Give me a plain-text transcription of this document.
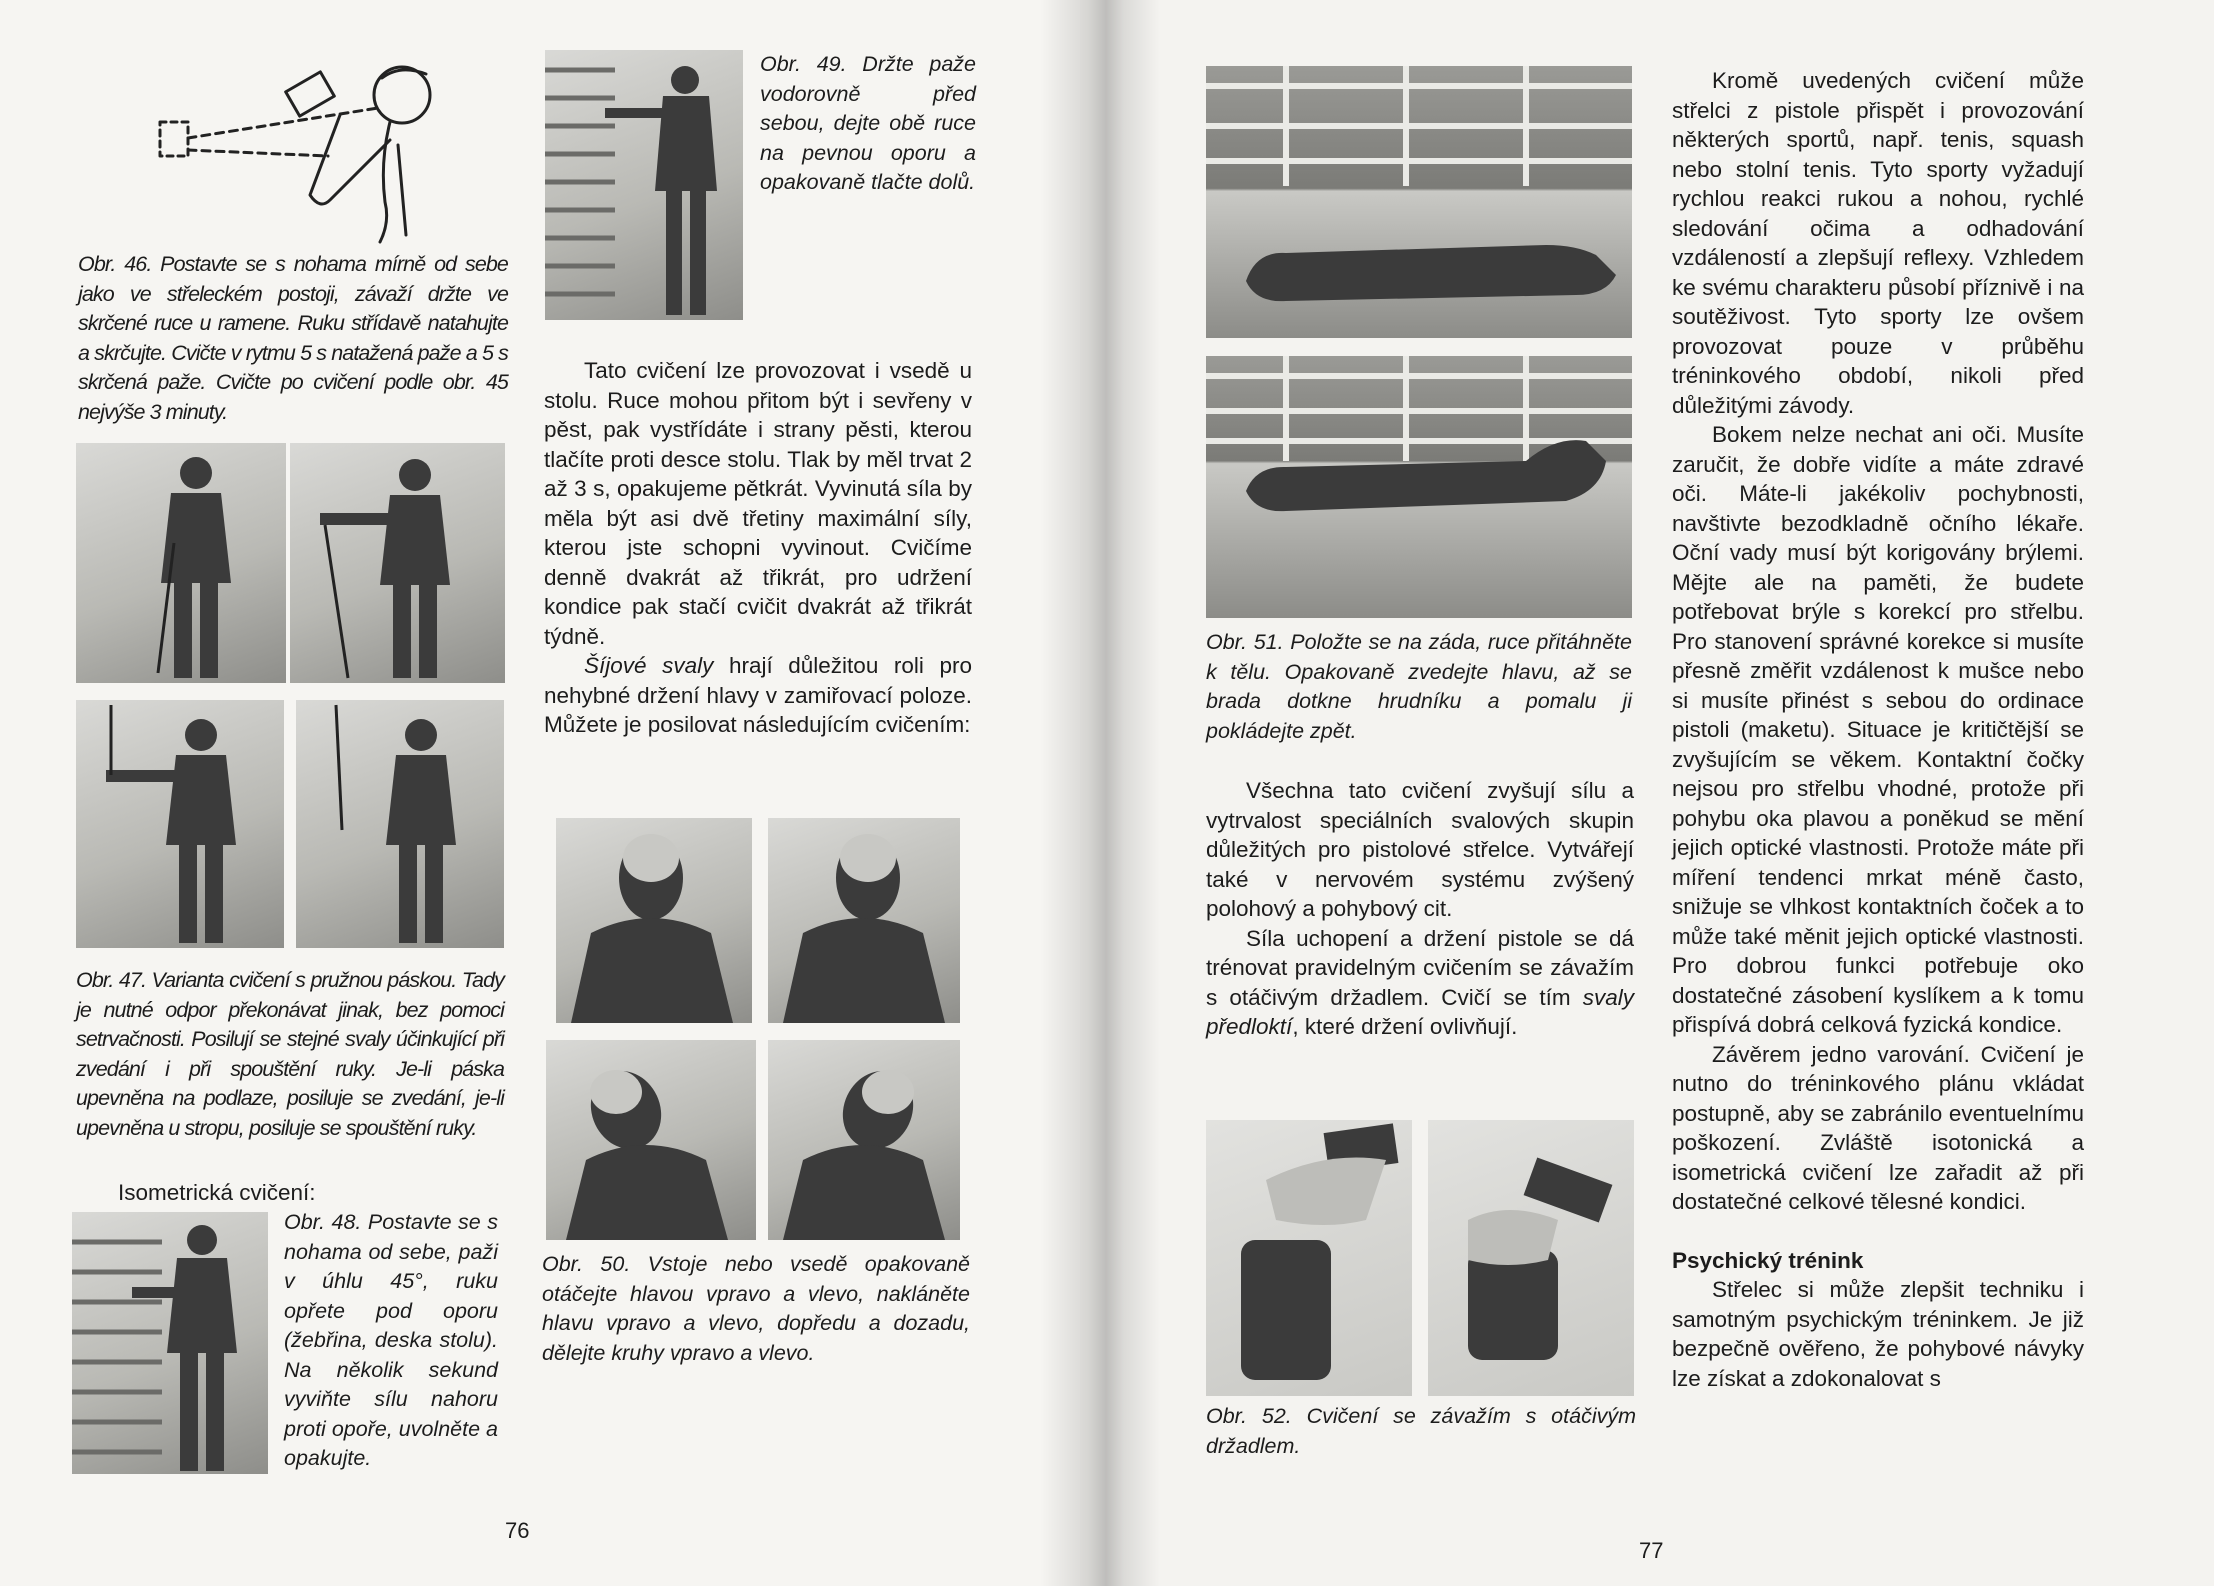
Obr. 46. Postavte se s nohama mírně od sebe jako ve střeleckém postoji, závaží držte ve skrčené ruce u ramene. Ruku střídavě natahujte a skrčujte. Cvičte v rytmu 5 s natažená paže a 5 s skrčená paže. Cvičte po cvičení podle obr. 45 nejvýše 3 minuty.
Obr. 47. Varianta cvičení s pružnou páskou. Tady je nutné odpor překonávat jinak, bez pomoci setrvačnosti. Posilují se stejné svaly účinkující při zvedání i při spouštění ruky. Je-li páska upevněna na podlaze, posiluje se zvedání, je-li upevněna u stropu, posiluje se spouštění ruky.
Isometrická cvičení:
Obr. 48. Postavte se s nohama od sebe, paži v úhlu 45°, ruku opřete pod oporu (žebřina, deska stolu). Na několik sekund vyviňte sílu nahoru proti opoře, uvolněte a opakujte.
Obr. 49. Držte paže vodorovně před sebou, dejte obě ruce na pevnou oporu a opakovaně tlačte dolů.

Tato cvičení lze provozovat i vsedě u stolu. Ruce mohou přitom být i sevřeny v pěst, pak vystřídáte i strany pěsti, kterou tlačíte proti desce stolu. Tlak by měl trvat 2 až 3 s, opakujeme pětkrát. Vyvinutá síla by měla být asi dvě třetiny maximální síly, kterou jste schopni vyvinout. Cvičíme denně dvakrát až třikrát, pro udržení kondice pak stačí cvičit dvakrát až třikrát týdně.

Šíjové svaly hrají důležitou roli pro nehybné držení hlavy v zamiřovací poloze. Můžete je posilovat následujícím cvičením:

Obr. 50. Vstoje nebo vsedě opakovaně otáčejte hlavou vpravo a vlevo, nakláněte hlavu vpravo a vlevo, dopředu a dozadu, dělejte kruhy vpravo a vlevo.
76
Obr. 51. Položte se na záda, ruce přitáhněte k tělu. Opakovaně zvedejte hlavu, až se brada dotkne hrudníku a pomalu ji pokládejte zpět.

Všechna tato cvičení zvyšují sílu a vytrvalost speciálních svalových skupin důležitých pro pistolové střelce. Vytvářejí také v nervovém systému zvýšený polohový a pohybový cit.

Síla uchopení a držení pistole se dá trénovat pravidelným cvičením se závažím s otáčivým držadlem. Cvičí se tím svaly předloktí, které držení ovlivňují.

Obr. 52. Cvičení se závažím s otáčivým držadlem.

Kromě uvedených cvičení může střelci z pistole přispět i provozování některých sportů, např. tenis, squash nebo stolní tenis. Tyto sporty vyžadují rychlou reakci rukou a nohou, rychlé sledování očima a odhadování vzdáleností a zlepšují reflexy. Vzhledem ke svému charakteru působí příznivě i na soutěživost. Tyto sporty lze ovšem provozovat pouze v průběhu tréninkového období, nikoli před důležitými závody.

Bokem nelze nechat ani oči. Musíte zaručit, že dobře vidíte a máte zdravé oči. Máte-li jakékoliv pochybnosti, navštivte bezodkladně očního lékaře. Oční vady musí být korigovány brýlemi. Mějte ale na paměti, že budete potřebovat brýle s korekcí pro střelbu. Pro stanovení správné korekce si musíte přesně změřit vzdálenost k mušce nebo si musíte přinést s sebou do ordinace pistoli (maketu). Situace je kritičtější se zvyšujícím se věkem. Kontaktní čočky nejsou pro střelbu vhodné, protože při pohybu oka plavou a poněkud se mění jejich optické vlastnosti. Protože máte při míření tendenci mrkat méně často, snižuje se vlhkost kontaktních čoček a to může také měnit jejich optické vlastnosti. Pro dobrou funkci potřebuje oko dostatečné zásobení kyslíkem a k tomu přispívá dobrá celková fyzická kondice.

Závěrem jedno varování. Cvičení je nutno do tréninkového plánu vkládat postupně, aby se zabránilo eventuelnímu poškození. Zvláště isotonická a isometrická cvičení lze zařadit až při dostatečné celkové tělesné kondici.

Psychický trénink

Střelec si může zlepšit techniku i samotným psychickým tréninkem. Je již bezpečně ověřeno, že pohybové návyky lze získat a zdokonalovat s

77
